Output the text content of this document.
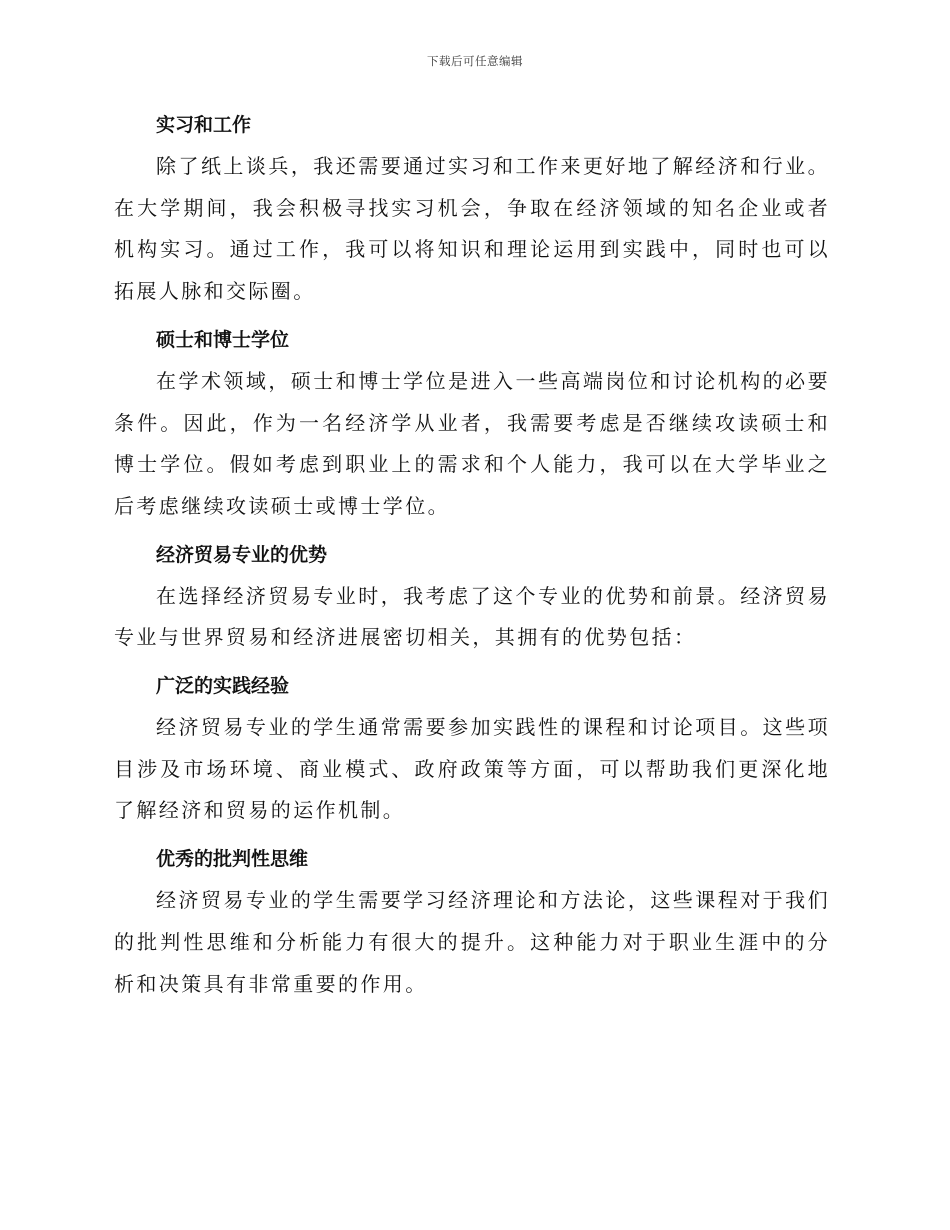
下载后可任意编辑
实习和工作

除了纸上谈兵，我还需要通过实习和工作来更好地了解经济和行业。在大学期间，我会积极寻找实习机会，争取在经济领域的知名企业或者机构实习。通过工作，我可以将知识和理论运用到实践中，同时也可以拓展人脉和交际圈。

硕士和博士学位

在学术领域，硕士和博士学位是进入一些高端岗位和讨论机构的必要条件。因此，作为一名经济学从业者，我需要考虑是否继续攻读硕士和博士学位。假如考虑到职业上的需求和个人能力，我可以在大学毕业之后考虑继续攻读硕士或博士学位。

经济贸易专业的优势

在选择经济贸易专业时，我考虑了这个专业的优势和前景。经济贸易专业与世界贸易和经济进展密切相关，其拥有的优势包括：

广泛的实践经验

经济贸易专业的学生通常需要参加实践性的课程和讨论项目。这些项目涉及市场环境、商业模式、政府政策等方面，可以帮助我们更深化地了解经济和贸易的运作机制。

优秀的批判性思维

经济贸易专业的学生需要学习经济理论和方法论，这些课程对于我们的批判性思维和分析能力有很大的提升。这种能力对于职业生涯中的分析和决策具有非常重要的作用。
